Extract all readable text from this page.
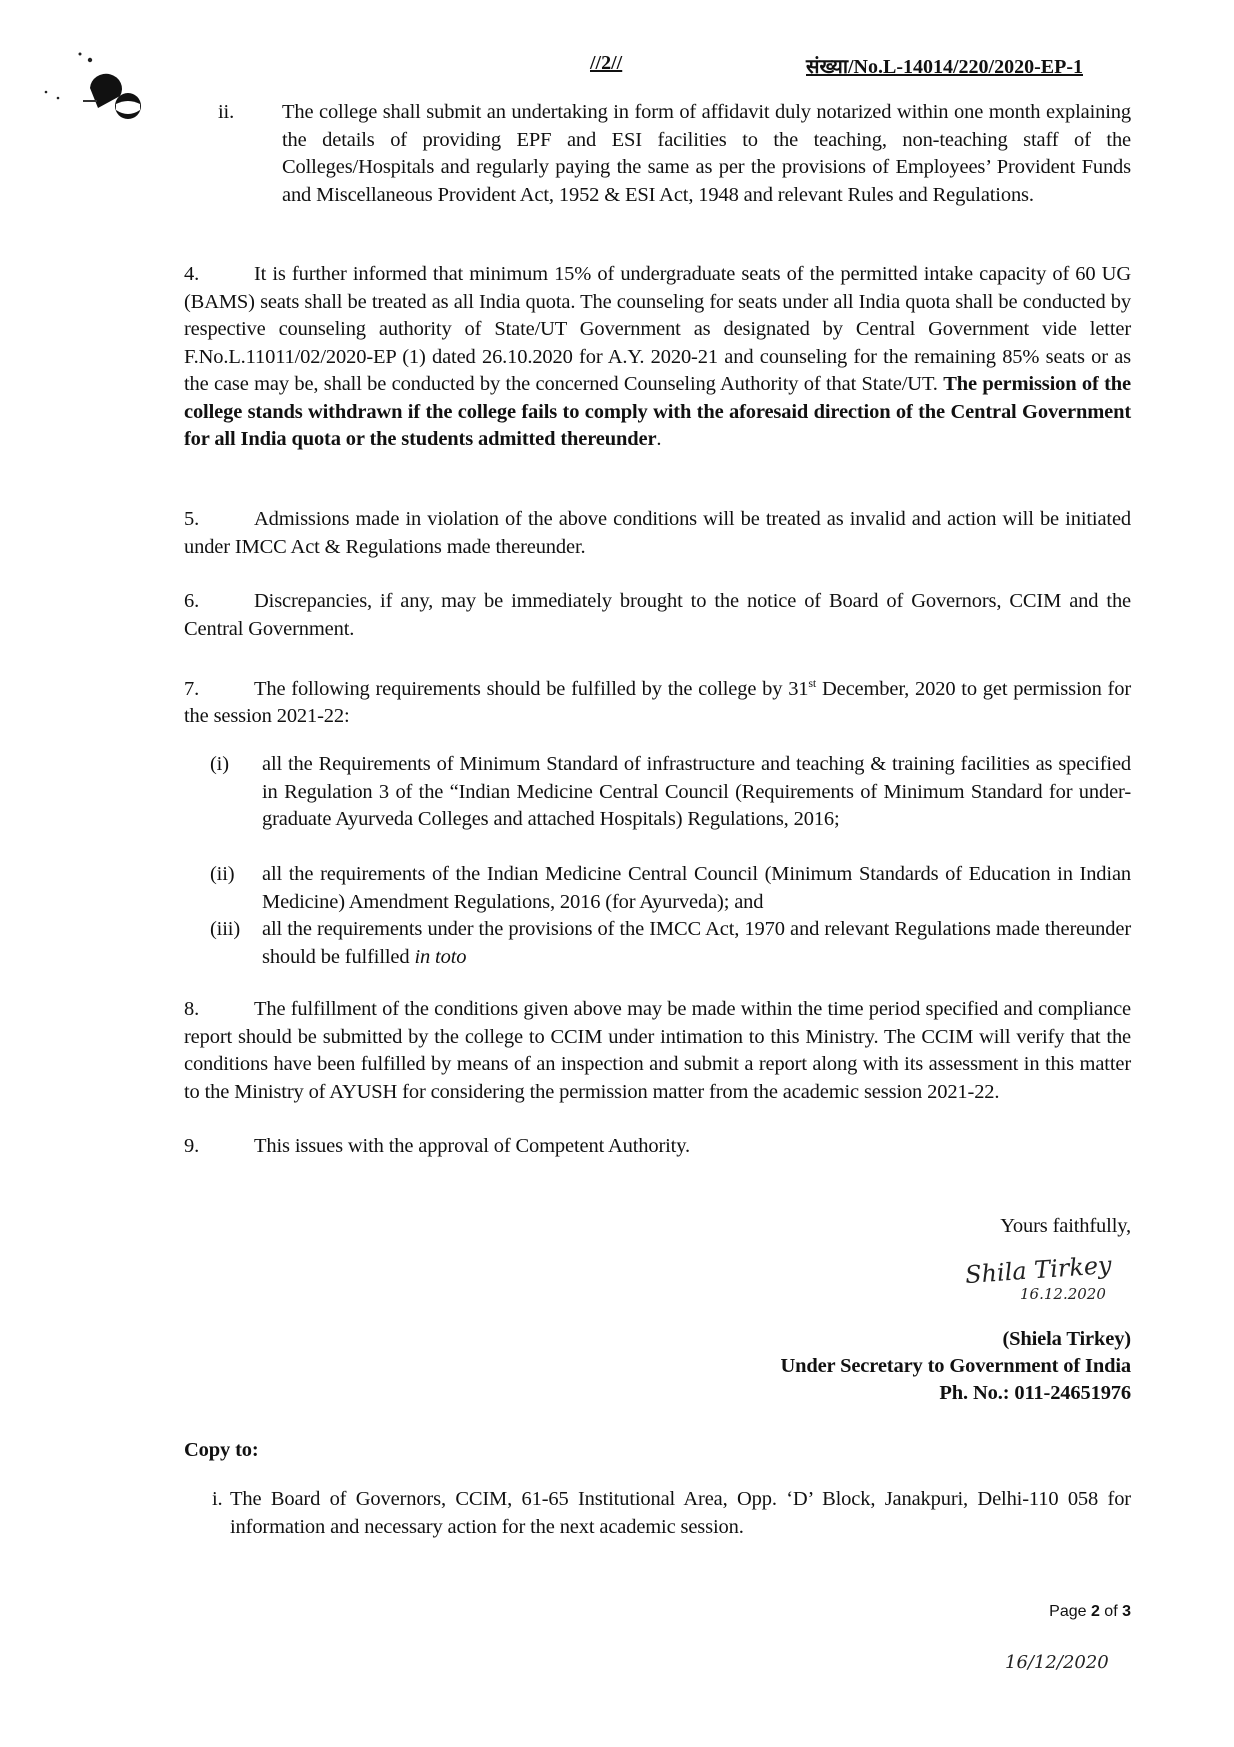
//2//	संख्या/No.L-14014/220/2020-EP-1
ii.	The college shall submit an undertaking in form of affidavit duly notarized within one month explaining the details of providing EPF and ESI facilities to the teaching, non-teaching staff of the Colleges/Hospitals and regularly paying the same as per the provisions of Employees’ Provident Funds and Miscellaneous Provident Act, 1952 & ESI Act, 1948 and relevant Rules and Regulations.
4.	It is further informed that minimum 15% of undergraduate seats of the permitted intake capacity of 60 UG (BAMS) seats shall be treated as all India quota. The counseling for seats under all India quota shall be conducted by respective counseling authority of State/UT Government as designated by Central Government vide letter F.No.L.11011/02/2020-EP (1) dated 26.10.2020 for A.Y. 2020-21 and counseling for the remaining 85% seats or as the case may be, shall be conducted by the concerned Counseling Authority of that State/UT. The permission of the college stands withdrawn if the college fails to comply with the aforesaid direction of the Central Government for all India quota or the students admitted thereunder.
5.	Admissions made in violation of the above conditions will be treated as invalid and action will be initiated under IMCC Act & Regulations made thereunder.
6.	Discrepancies, if any, may be immediately brought to the notice of Board of Governors, CCIM and the Central Government.
7.	The following requirements should be fulfilled by the college by 31st December, 2020 to get permission for the session 2021-22:
(i)	all the Requirements of Minimum Standard of infrastructure and teaching & training facilities as specified in Regulation 3 of the “Indian Medicine Central Council (Requirements of Minimum Standard for under-graduate Ayurveda Colleges and attached Hospitals) Regulations, 2016;
(ii)	all the requirements of the Indian Medicine Central Council (Minimum Standards of Education in Indian Medicine) Amendment Regulations, 2016 (for Ayurveda); and
(iii)	all the requirements under the provisions of the IMCC Act, 1970 and relevant Regulations made thereunder should be fulfilled in toto
8.	The fulfillment of the conditions given above may be made within the time period specified and compliance report should be submitted by the college to CCIM under intimation to this Ministry. The CCIM will verify that the conditions have been fulfilled by means of an inspection and submit a report along with its assessment in this matter to the Ministry of AYUSH for considering the permission matter from the academic session 2021-22.
9.	This issues with the approval of Competent Authority.
Yours faithfully,
Shila Tirkey
16.12.2020
(Shiela Tirkey)
Under Secretary to Government of India
Ph. No.: 011-24651976
Copy to:
i. The Board of Governors, CCIM, 61-65 Institutional Area, Opp. ‘D’ Block, Janakpuri, Delhi-110 058 for information and necessary action for the next academic session.
Page 2 of 3
16/12/2020
